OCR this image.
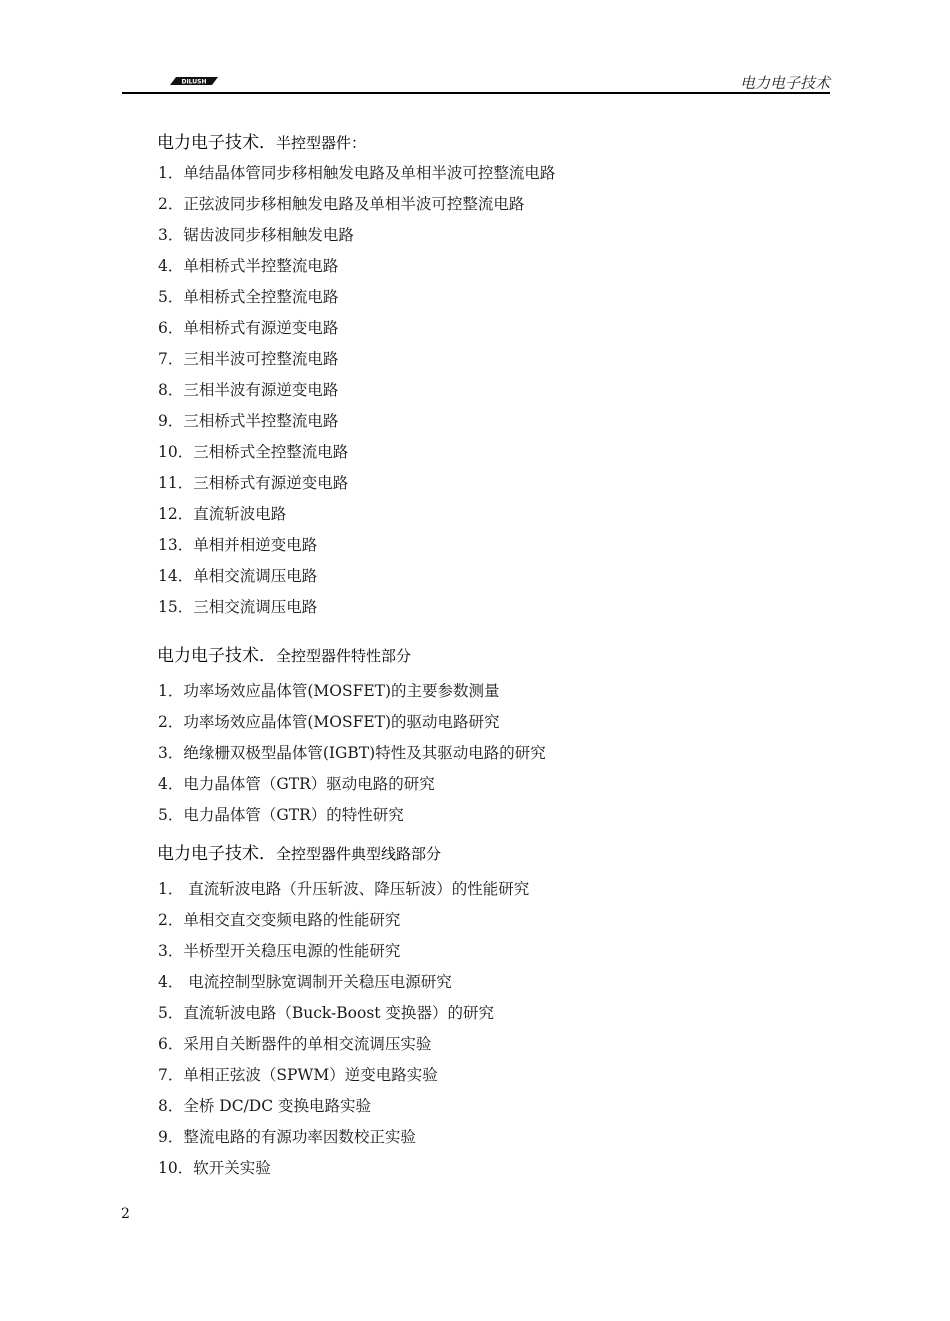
DILUSH	电力电子技术
电力电子技术．半控型器件：
1．单结晶体管同步移相触发电路及单相半波可控整流电路
2．正弦波同步移相触发电路及单相半波可控整流电路
3．锯齿波同步移相触发电路
4．单相桥式半控整流电路
5．单相桥式全控整流电路
6．单相桥式有源逆变电路
7．三相半波可控整流电路
8．三相半波有源逆变电路
9．三相桥式半控整流电路
10．三相桥式全控整流电路
11．三相桥式有源逆变电路
12．直流斩波电路
13．单相并相逆变电路
14．单相交流调压电路
15．三相交流调压电路
电力电子技术．全控型器件特性部分
1．功率场效应晶体管(MOSFET)的主要参数测量
2．功率场效应晶体管(MOSFET)的驱动电路研究
3．绝缘栅双极型晶体管(IGBT)特性及其驱动电路的研究
4．电力晶体管（GTR）驱动电路的研究
5．电力晶体管（GTR）的特性研究
电力电子技术．全控型器件典型线路部分
1． 直流斩波电路（升压斩波、降压斩波）的性能研究
2．单相交直交变频电路的性能研究
3．半桥型开关稳压电源的性能研究
4． 电流控制型脉宽调制开关稳压电源研究
5．直流斩波电路（Buck-Boost 变换器）的研究
6．采用自关断器件的单相交流调压实验
7．单相正弦波（SPWM）逆变电路实验
8．全桥 DC/DC 变换电路实验
9．整流电路的有源功率因数校正实验
10．软开关实验
2
